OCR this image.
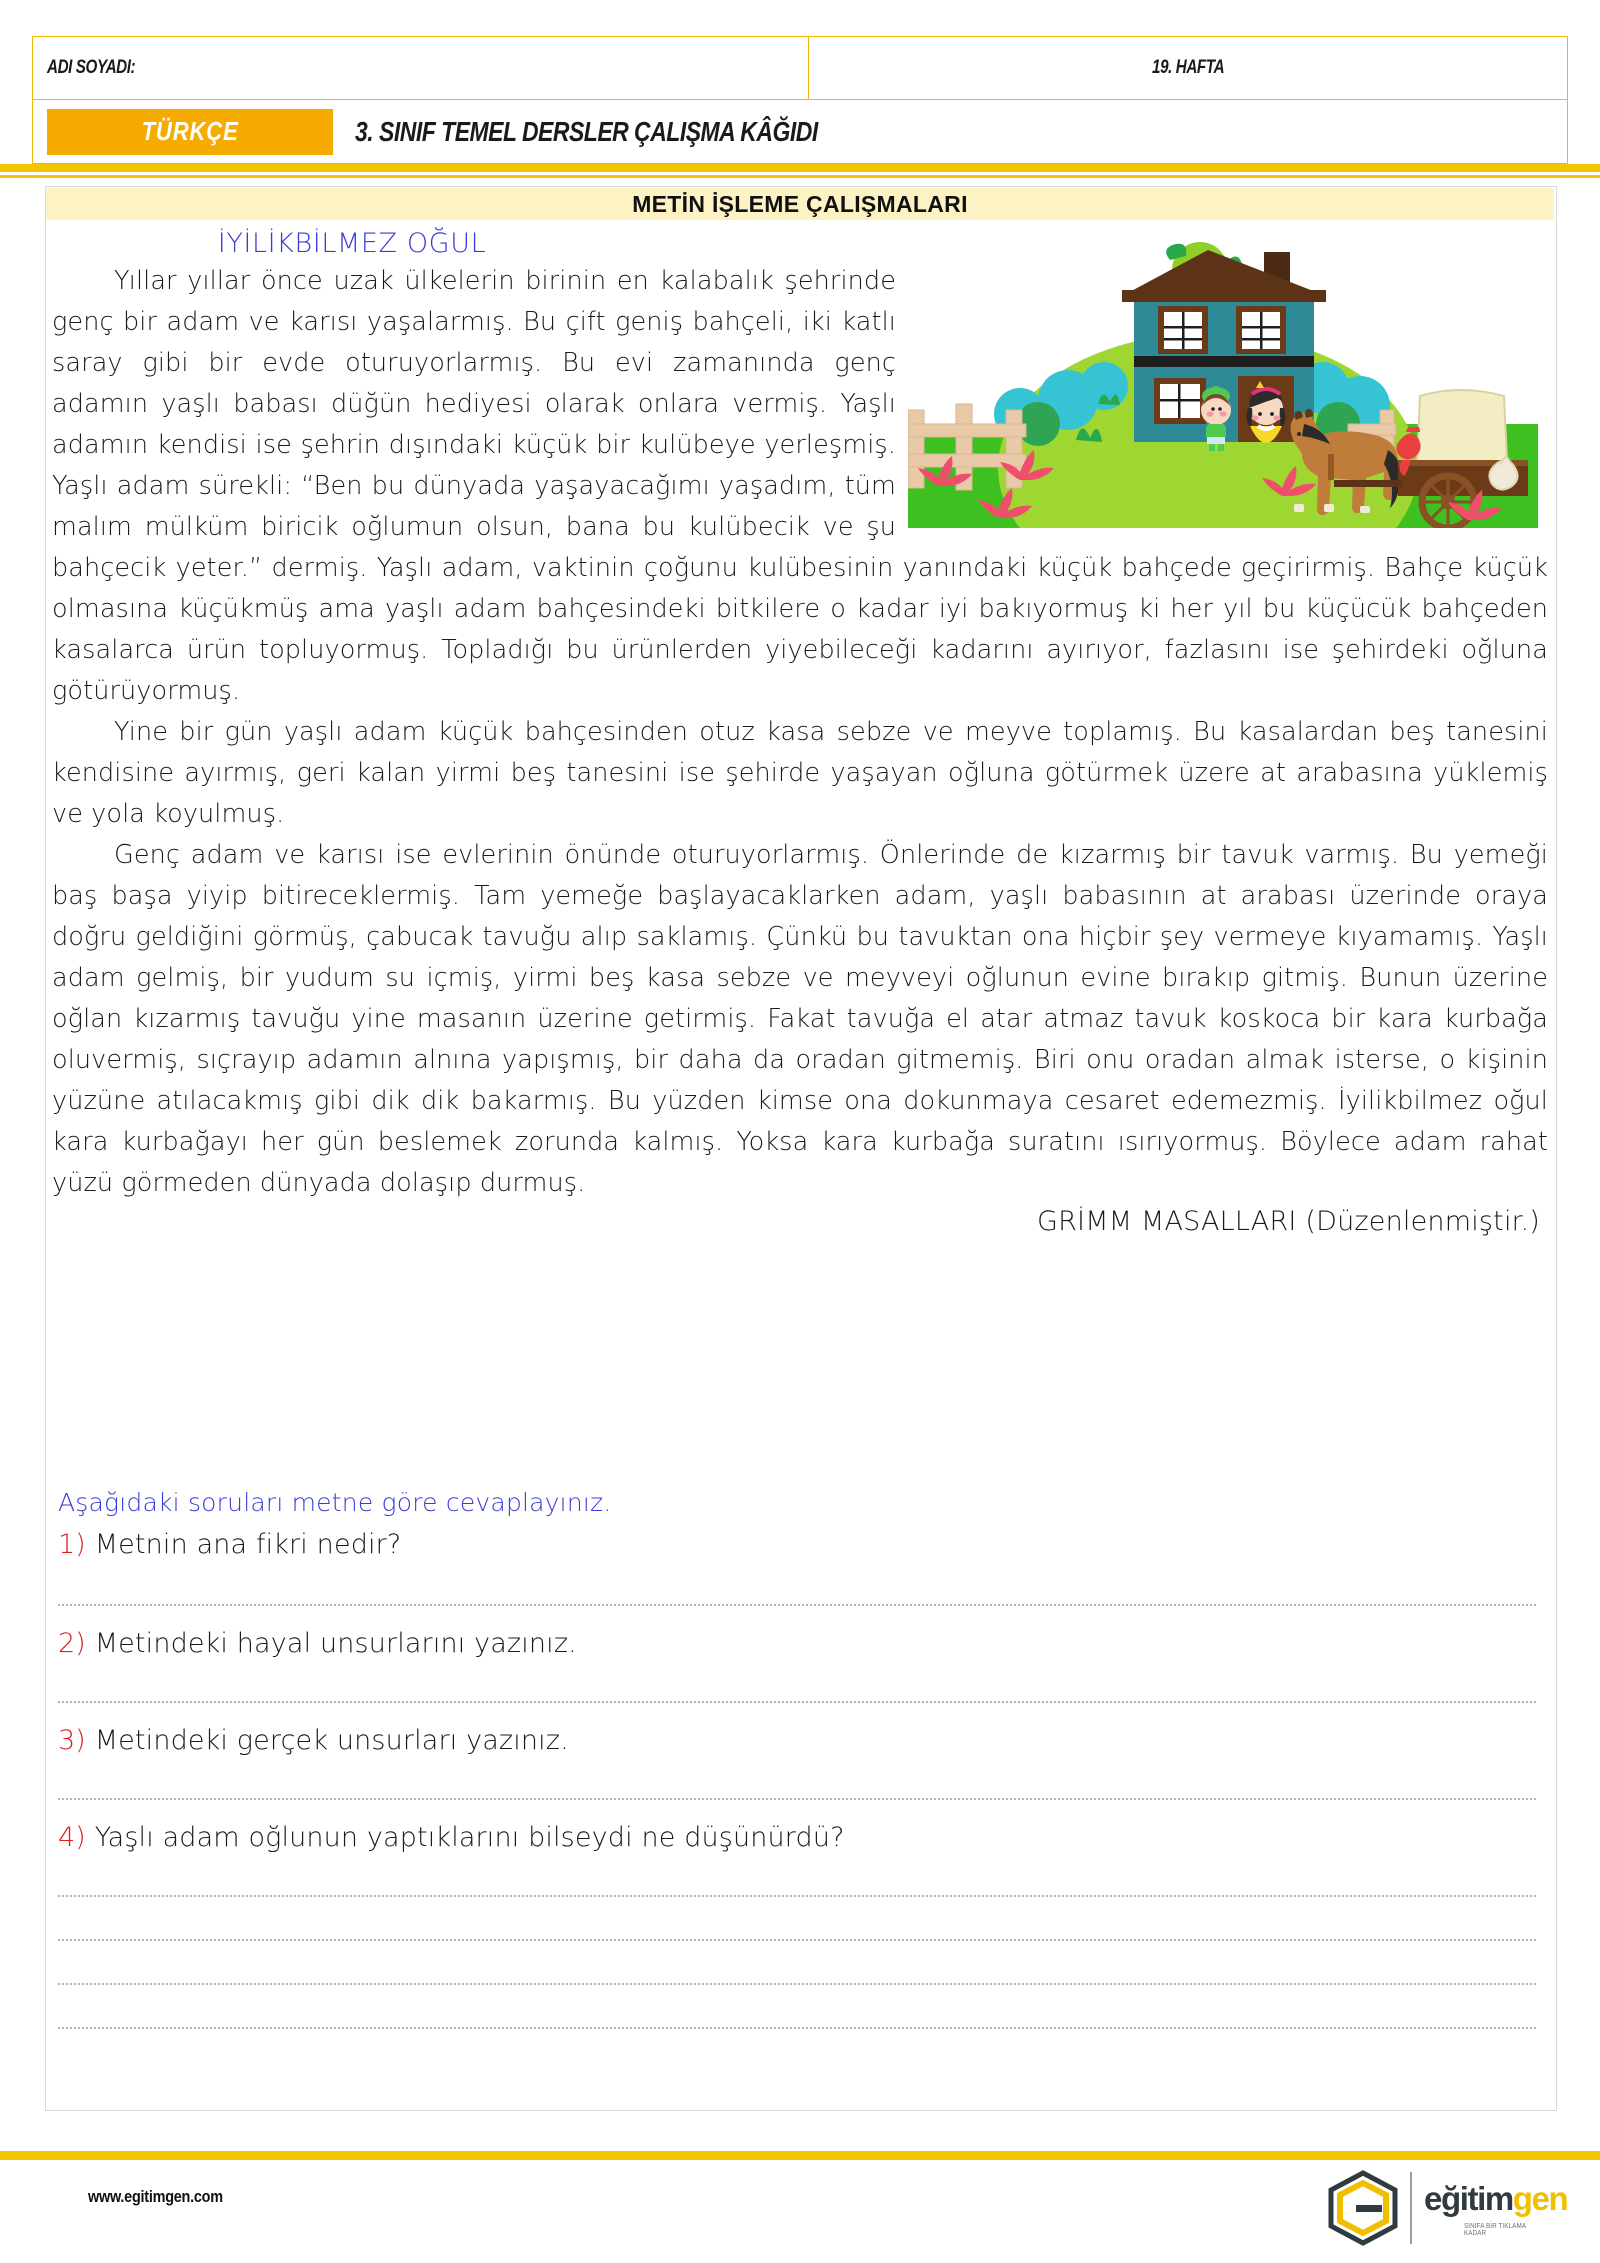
ADI SOYADI:	19. HAFTA
TÜRKÇE	3. SINIF TEMEL DERSLER ÇALIŞMA KÂĞIDI
METİN İŞLEME ÇALIŞMALARI
İYİLİKBİLMEZ OĞUL

Yıllar yıllar önce uzak ülkelerin birinin en kalabalık şehrinde genç bir adam ve karısı yaşalarmış. Bu çift geniş bahçeli, iki katlı saray gibi bir evde oturuyorlarmış. Bu evi zamanında genç adamın yaşlı babası düğün hediyesi olarak onlara vermiş. Yaşlı adamın kendisi ise şehrin dışındaki küçük bir kulübeye yerleşmiş. Yaşlı adam sürekli: “Ben bu dünyada yaşayacağımı yaşadım, tüm malım mülküm biricik oğlumun olsun, bana bu kulübecik ve şu bahçecik yeter.” dermiş. Yaşlı adam, vaktinin çoğunu kulübesinin yanındaki küçük bahçede geçirirmiş. Bahçe küçük olmasına küçükmüş ama yaşlı adam bahçesindeki bitkilere o kadar iyi bakıyormuş ki her yıl bu küçücük bahçeden kasalarca ürün topluyormuş. Topladığı bu ürünlerden yiyebileceği kadarını ayırıyor, fazlasını ise şehirdeki oğluna götürüyormuş.

Yine bir gün yaşlı adam küçük bahçesinden otuz kasa sebze ve meyve toplamış. Bu kasalardan beş tanesini kendisine ayırmış, geri kalan yirmi beş tanesini ise şehirde yaşayan oğluna götürmek üzere at arabasına yüklemiş ve yola koyulmuş.

Genç adam ve karısı ise evlerinin önünde oturuyorlarmış. Önlerinde de kızarmış bir tavuk varmış. Bu yemeği baş başa yiyip bitireceklermiş. Tam yemeğe başlayacaklarken adam, yaşlı babasının at arabası üzerinde oraya doğru geldiğini görmüş, çabucak tavuğu alıp saklamış. Çünkü bu tavuktan ona hiçbir şey vermeye kıyamamış. Yaşlı adam gelmiş, bir yudum su içmiş, yirmi beş kasa sebze ve meyveyi oğlunun evine bırakıp gitmiş. Bunun üzerine oğlan kızarmış tavuğu yine masanın üzerine getirmiş. Fakat tavuğa el atar atmaz tavuk koskoca bir kara kurbağa oluvermiş, sıçrayıp adamın alnına yapışmış, bir daha da oradan gitmemiş. Biri onu oradan almak isterse, o kişinin yüzüne atılacakmış gibi dik dik bakarmış. Bu yüzden kimse ona dokunmaya cesaret edemezmiş. İyilikbilmez oğul kara kurbağayı her gün beslemek zorunda kalmış. Yoksa kara kurbağa suratını ısırıyormuş. Böylece adam rahat yüzü görmeden dünyada dolaşıp durmuş.

GRİMM MASALLARI (Düzenlenmiştir.)
Aşağıdaki soruları metne göre cevaplayınız.
1) Metnin ana fikri nedir?
2) Metindeki hayal unsurlarını yazınız.
3) Metindeki gerçek unsurları yazınız.
4) Yaşlı adam oğlunun yaptıklarını bilseydi ne düşünürdü?
www.egitimgen.com	eğitimgen
SINIFA BİR TIKLAMA KADAR
